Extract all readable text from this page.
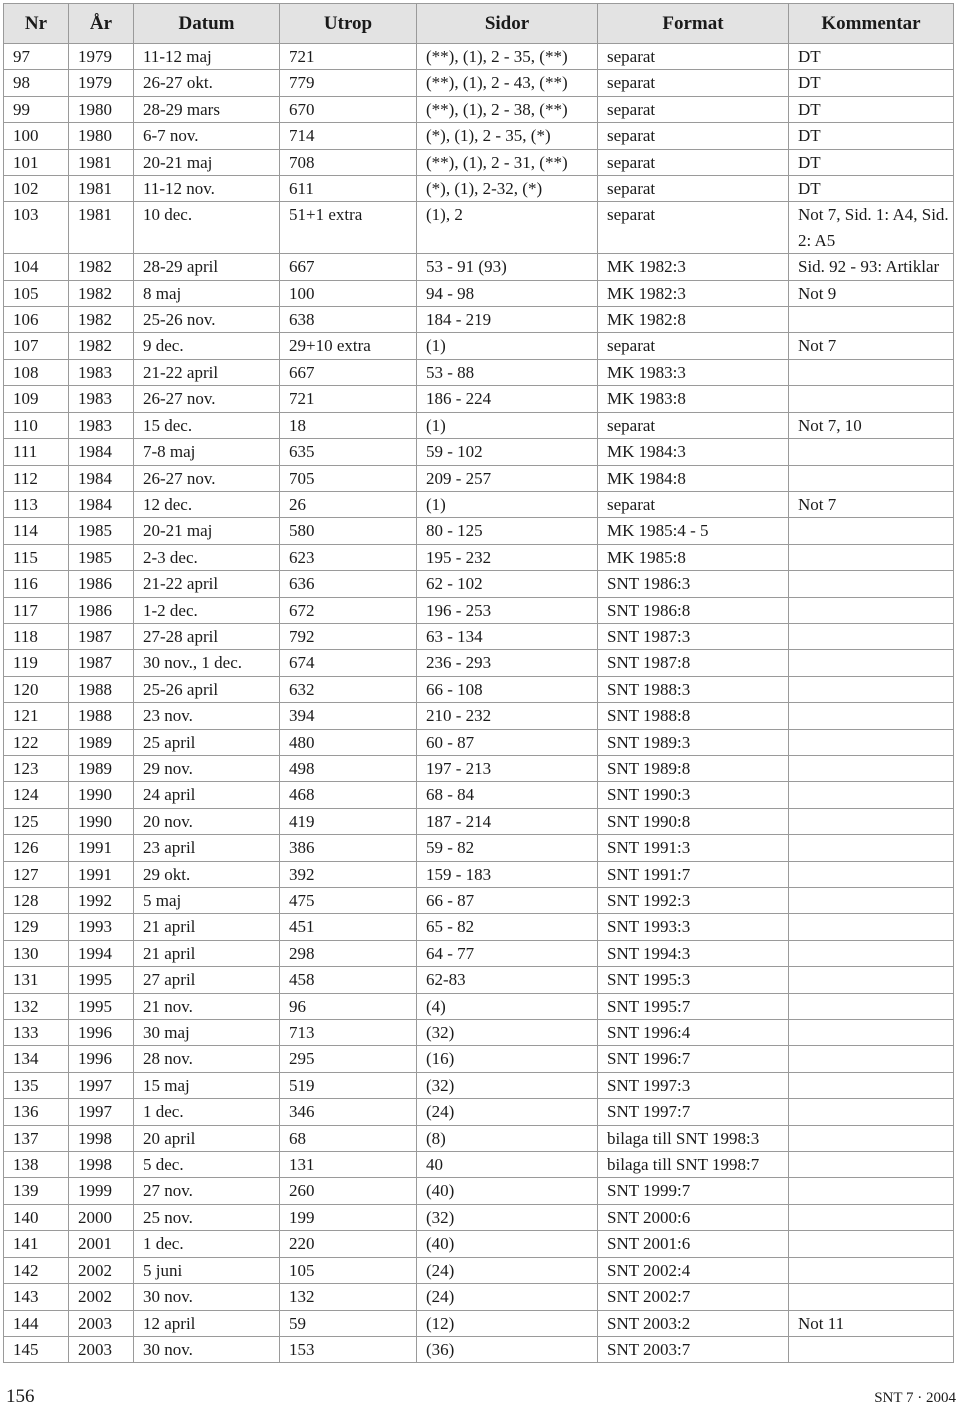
Nr	År	Datum	Utrop	Sidor	Format	Kommentar
97	1979	11-12 maj	721	(**), (1), 2 - 35, (**)	separat	DT
98	1979	26-27 okt.	779	(**), (1), 2 - 43, (**)	separat	DT
99	1980	28-29 mars	670	(**), (1), 2 - 38, (**)	separat	DT
100	1980	6-7 nov.	714	(*), (1), 2 - 35, (*)	separat	DT
101	1981	20-21 maj	708	(**), (1), 2 - 31, (**)	separat	DT
102	1981	11-12 nov.	611	(*), (1), 2-32, (*)	separat	DT
103	1981	10 dec.	51+1 extra	(1), 2	separat	Not 7, Sid. 1: A4, Sid. 2: A5
104	1982	28-29 april	667	53 - 91 (93)	MK 1982:3	Sid. 92 - 93: Artiklar
105	1982	8 maj	100	94 - 98	MK 1982:3	Not 9
106	1982	25-26 nov.	638	184 - 219	MK 1982:8	
107	1982	9 dec.	29+10 extra	(1)	separat	Not 7
108	1983	21-22 april	667	53 - 88	MK 1983:3	
109	1983	26-27 nov.	721	186 - 224	MK 1983:8	
110	1983	15 dec.	18	(1)	separat	Not 7, 10
111	1984	7-8 maj	635	59 - 102	MK 1984:3	
112	1984	26-27 nov.	705	209 - 257	MK 1984:8	
113	1984	12 dec.	26	(1)	separat	Not 7
114	1985	20-21 maj	580	80 - 125	MK 1985:4 - 5	
115	1985	2-3 dec.	623	195 - 232	MK 1985:8	
116	1986	21-22 april	636	62 - 102	SNT 1986:3	
117	1986	1-2 dec.	672	196 - 253	SNT 1986:8	
118	1987	27-28 april	792	63 - 134	SNT 1987:3	
119	1987	30 nov., 1 dec.	674	236 - 293	SNT 1987:8	
120	1988	25-26 april	632	66 - 108	SNT 1988:3	
121	1988	23 nov.	394	210 - 232	SNT 1988:8	
122	1989	25 april	480	60 - 87	SNT 1989:3	
123	1989	29 nov.	498	197 - 213	SNT 1989:8	
124	1990	24 april	468	68 - 84	SNT 1990:3	
125	1990	20 nov.	419	187 - 214	SNT 1990:8	
126	1991	23 april	386	59 - 82	SNT 1991:3	
127	1991	29 okt.	392	159 - 183	SNT 1991:7	
128	1992	5 maj	475	66 - 87	SNT 1992:3	
129	1993	21 april	451	65 - 82	SNT 1993:3	
130	1994	21 april	298	64 - 77	SNT 1994:3	
131	1995	27 april	458	62-83	SNT 1995:3	
132	1995	21 nov.	96	(4)	SNT 1995:7	
133	1996	30 maj	713	(32)	SNT 1996:4	
134	1996	28 nov.	295	(16)	SNT 1996:7	
135	1997	15 maj	519	(32)	SNT 1997:3	
136	1997	1 dec.	346	(24)	SNT 1997:7	
137	1998	20 april	68	(8)	bilaga till SNT 1998:3	
138	1998	5 dec.	131	40	bilaga till SNT 1998:7	
139	1999	27 nov.	260	(40)	SNT 1999:7	
140	2000	25 nov.	199	(32)	SNT 2000:6	
141	2001	1 dec.	220	(40)	SNT 2001:6	
142	2002	5 juni	105	(24)	SNT 2002:4	
143	2002	30 nov.	132	(24)	SNT 2002:7	
144	2003	12 april	59	(12)	SNT 2003:2	Not 11
145	2003	30 nov.	153	(36)	SNT 2003:7	
156	SNT 7 · 2004
